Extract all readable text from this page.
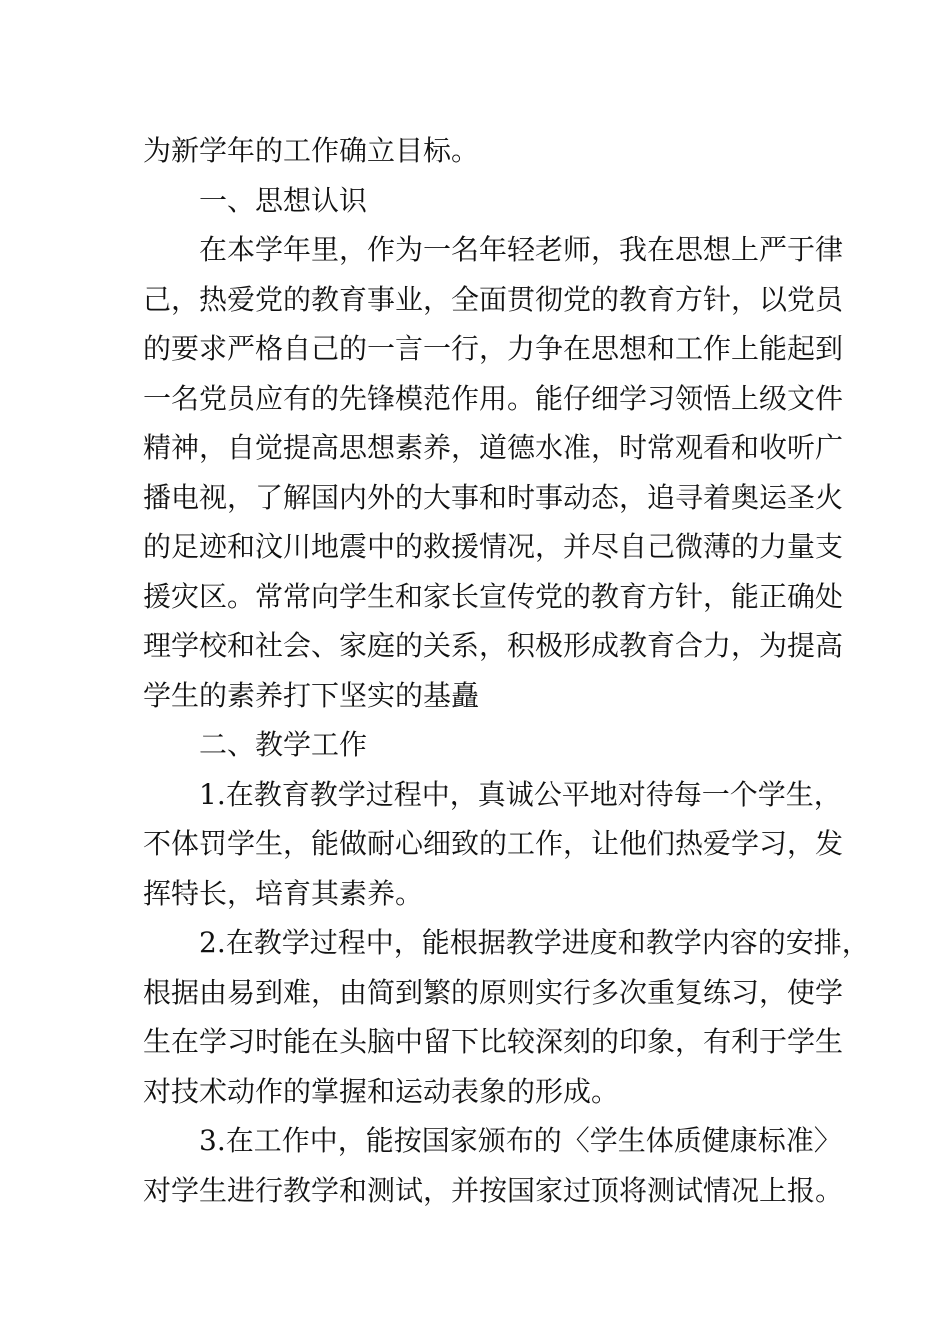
为新学年的工作确立目标。
一、思想认识
在本学年里，作为一名年轻老师，我在思想上严于律
己，热爱党的教育事业，全面贯彻党的教育方针，以党员
的要求严格自己的一言一行，力争在思想和工作上能起到
一名党员应有的先锋模范作用。能仔细学习领悟上级文件
精神，自觉提高思想素养，道德水准，时常观看和收听广
播电视，了解国内外的大事和时事动态，追寻着奥运圣火
的足迹和汶川地震中的救援情况，并尽自己微薄的力量支
援灾区。常常向学生和家长宣传党的教育方针，能正确处
理学校和社会、家庭的关系，积极形成教育合力，为提高
学生的素养打下坚实的基矗
二、教学工作
1.在教育教学过程中，真诚公平地对待每一个学生，
不体罚学生，能做耐心细致的工作，让他们热爱学习，发
挥特长，培育其素养。
2.在教学过程中，能根据教学进度和教学内容的安排，
根据由易到难，由简到繁的原则实行多次重复练习，使学
生在学习时能在头脑中留下比较深刻的印象，有利于学生
对技术动作的掌握和运动表象的形成。
3.在工作中，能按国家颁布的〈学生体质健康标准〉
对学生进行教学和测试，并按国家过顶将测试情况上报。
